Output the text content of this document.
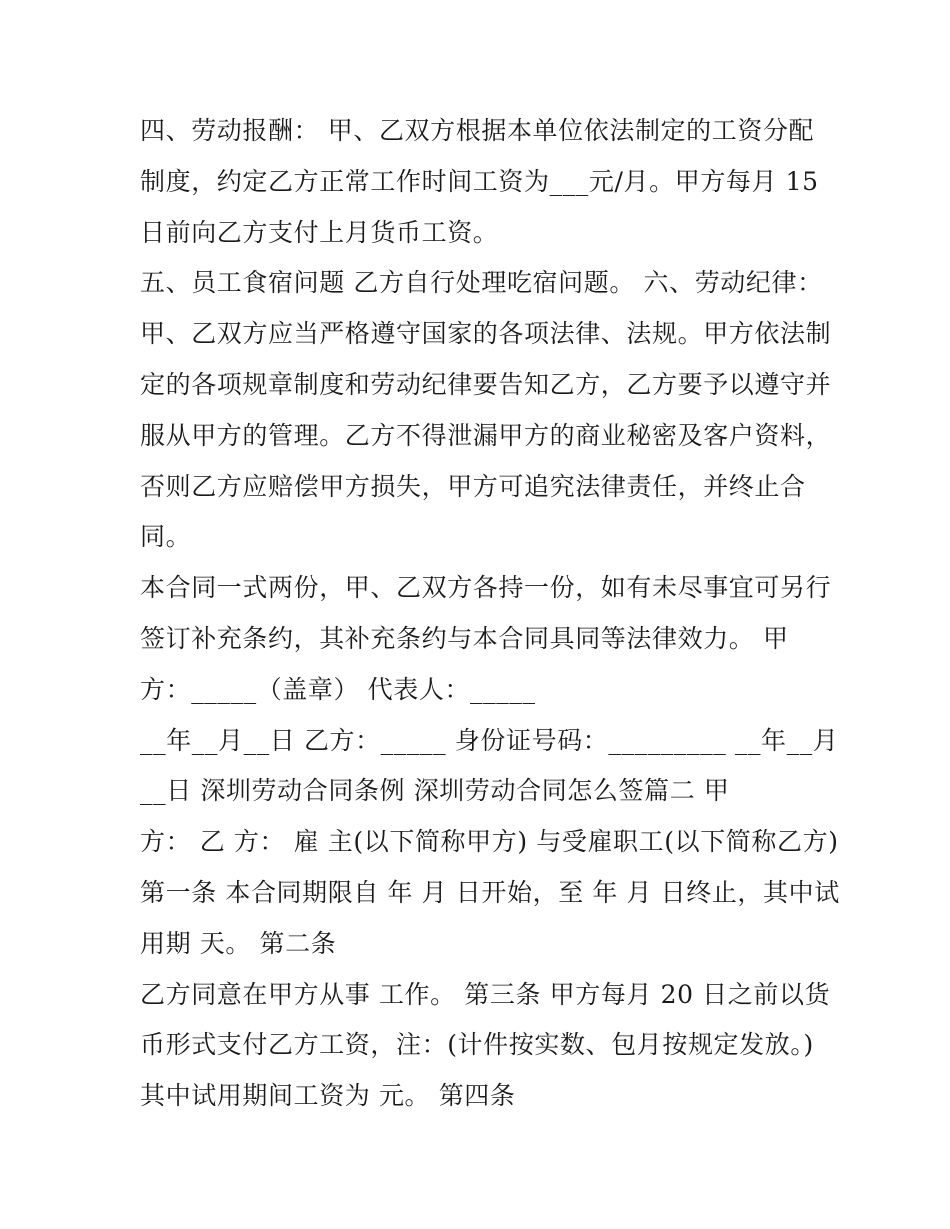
四、劳动报酬： 甲、乙双方根据本单位依法制定的工资分配
制度，约定乙方正常工作时间工资为___元/月。甲方每月 15
日前向乙方支付上月货币工资。
五、员工食宿问题 乙方自行处理吃宿问题。 六、劳动纪律：
甲、乙双方应当严格遵守国家的各项法律、法规。甲方依法制
定的各项规章制度和劳动纪律要告知乙方，乙方要予以遵守并
服从甲方的管理。乙方不得泄漏甲方的商业秘密及客户资料，
否则乙方应赔偿甲方损失，甲方可追究法律责任，并终止合
同。
本合同一式两份，甲、乙双方各持一份，如有未尽事宜可另行
签订补充条约，其补充条约与本合同具同等法律效力。 甲
方：_____（盖章） 代表人：_____
__年__月__日 乙方：_____ 身份证号码：_________ __年__月
__日 深圳劳动合同条例 深圳劳动合同怎么签篇二 甲
方： 乙 方： 雇 主(以下简称甲方) 与受雇职工(以下简称乙方)
第一条 本合同期限自 年 月 日开始，至 年 月 日终止，其中试
用期 天。 第二条
乙方同意在甲方从事 工作。 第三条 甲方每月 20 日之前以货
币形式支付乙方工资，注：(计件按实数、包月按规定发放。)
其中试用期间工资为 元。 第四条
